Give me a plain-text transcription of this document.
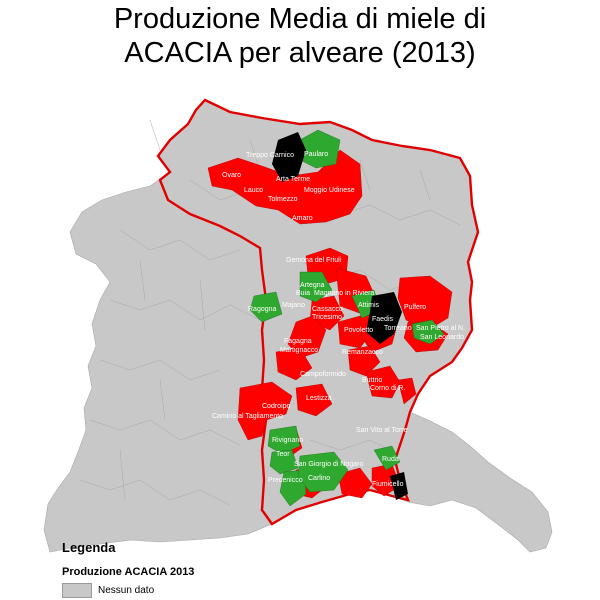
Produzione Media di miele di
ACACIA per alveare (2013)
Treppo Carnico Paularo
Ovaro
Arta Terme
Moggio Udinese
Lauco
Tolmezzo
Amaro
Gemona del Friuli
Artegna
Buia Magnano in Riviera
Attimis	Pulfero
Ragogna
Majano
Cassacco
Faedis
Tricesimo
Povoletto Torreano San Pietro al N.
San Leonardo
Fagagna
Martignacco	Remanzacco
Campoformido
Buttrio
Corno di R.
Lestizza
Codroipo
Camino al Tagliamento
San Vito al Torre
Rivignano
Teor
Ruda
San Giorgio di Nogaro
Carlino
Precenicco
Fiumicello
Legenda
Produzione ACACIA 2013
Nessun dato
